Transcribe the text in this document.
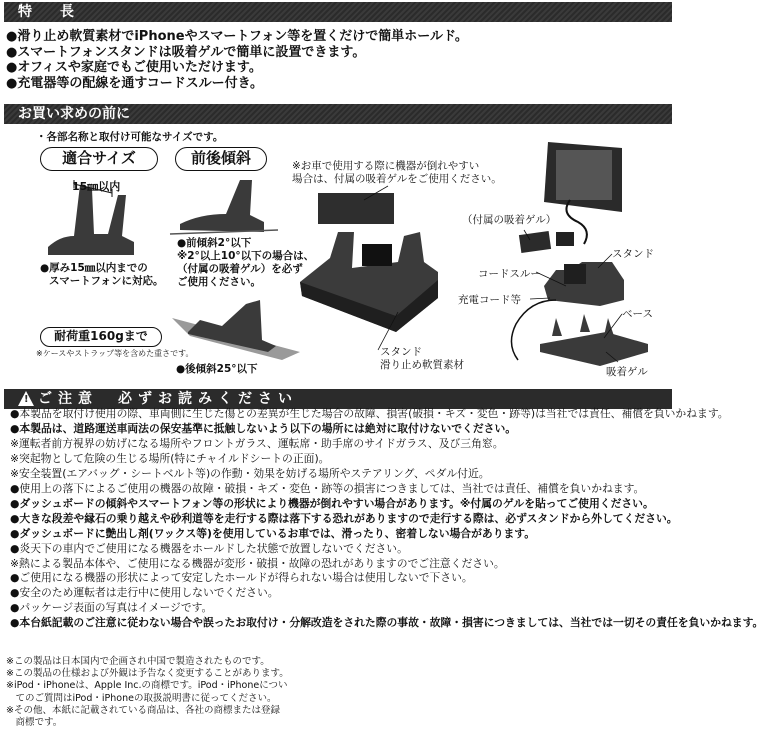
特　　長
●滑り止め軟質素材でiPhoneやスマートフォン等を置くだけで簡単ホールド。
●スマートフォンスタンドは吸着ゲルで簡単に設置できます。
●オフィスや家庭でもご使用いただけます。
●充電器等の配線を通すコードスルー付き。
お買い求めの前に
・各部名称と取付け可能なサイズです。
適合サイズ	前後傾斜
15㎜以内
●厚み15㎜以内までの
スマートフォンに対応。
●前傾斜2°以下
※2°以上10°以下の場合は、
（付属の吸着ゲル）を必ず
ご使用ください。
耐荷重160gまで
※ケースやストラップ等を含めた重さです。
●後傾斜25°以下
※お車で使用する際に機器が倒れやすい
場合は、付属の吸着ゲルをご使用ください。
スタンド
滑り止め軟質素材
（付属の吸着ゲル）
スタンド
コードスルー
充電コード等
ベース
吸着ゲル
! ご注意　必ずお読みください
●本製品を取付け使用の際、車両側に生じた傷との差異が生じた場合の故障、損害(破損・キズ・変色・跡等)は当社では責任、補償を負いかねます。
●本製品は、道路運送車両法の保安基準に抵触しないよう以下の場所には絶対に取付けないでください。
※運転者前方視界の妨げになる場所やフロントガラス、運転席・助手席のサイドガラス、及び三角窓。
※突起物として危険の生じる場所(特にチャイルドシートの正面)。
※安全装置(エアバッグ・シートベルト等)の作動・効果を妨げる場所やステアリング、ペダル付近。
●使用上の落下によるご使用の機器の故障・破損・キズ・変色・跡等の損害につきましては、当社では責任、補償を負いかねます。
●ダッシュボードの傾斜やスマートフォン等の形状により機器が倒れやすい場合があります。※付属のゲルを貼ってご使用ください。
●大きな段差や縁石の乗り越えや砂利道等を走行する際は落下する恐れがありますので走行する際は、必ずスタンドから外してください。
●ダッシュボードに艶出し剤(ワックス等)を使用しているお車では、滑ったり、密着しない場合があります。
●炎天下の車内でご使用になる機器をホールドした状態で放置しないでください。
※熱による製品本体や、ご使用になる機器が変形・破損・故障の恐れがありますのでご注意ください。
●ご使用になる機器の形状によって安定したホールドが得られない場合は使用しないで下さい。
●安全のため運転者は走行中に使用しないでください。
●パッケージ表面の写真はイメージです。
●本台紙記載のご注意に従わない場合や誤ったお取付け・分解改造をされた際の事故・故障・損害につきましては、当社では一切その責任を負いかねます。
※この製品は日本国内で企画され中国で製造されたものです。
※この製品の仕様および外観は予告なく変更することがあります。
※iPod・iPhoneは、Apple Inc.の商標です。iPod・iPhoneについ
　てのご質問はiPod・iPhoneの取扱説明書に従ってください。
※その他、本紙に記載されている商品は、各社の商標または登録
　商標です。
